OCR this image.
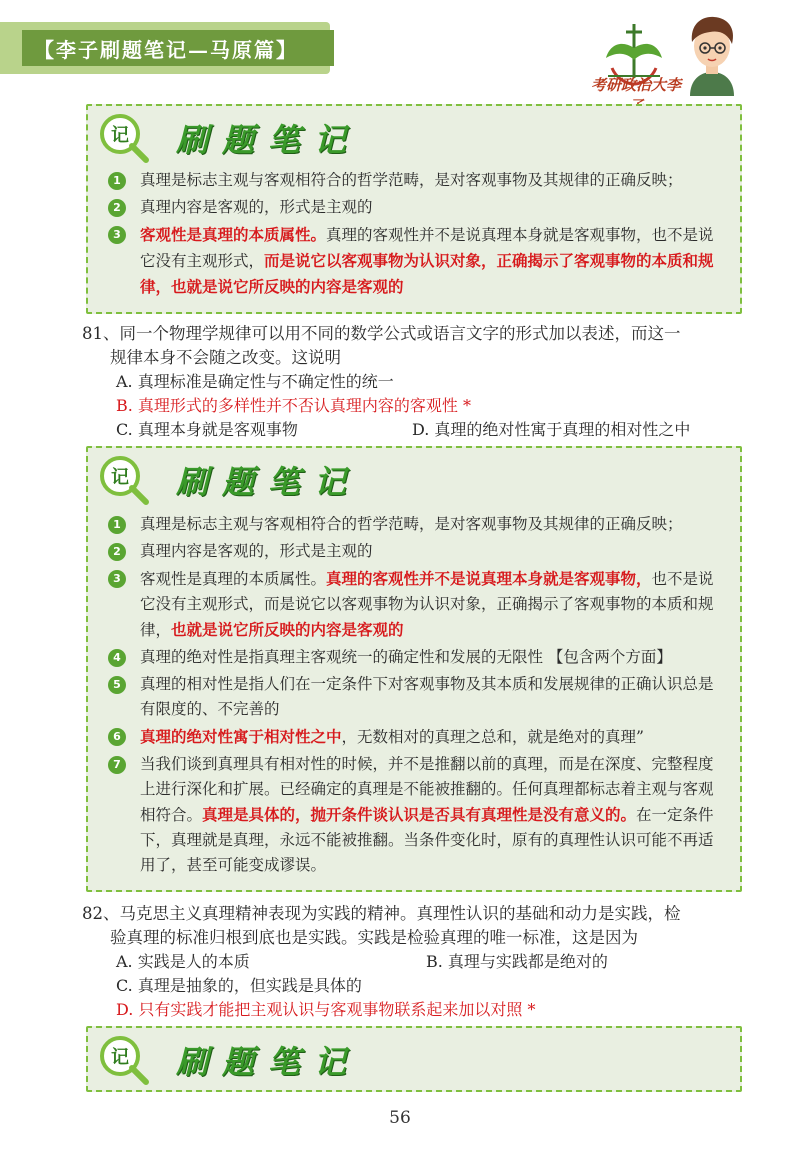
【李子刷题笔记—马原篇】
考研政治大李
记 刷题笔记
1	真理是标志主观与客观相符合的哲学范畴，是对客观事物及其规律的正确反映；
2	真理内容是客观的，形式是主观的
3	客观性是真理的本质属性。真理的客观性并不是说真理本身就是客观事物，也不是说它没有主观形式，而是说它以客观事物为认识对象，正确揭示了客观事物的本质和规律，也就是说它所反映的内容是客观的
81、同一个物理学规律可以用不同的数学公式或语言文字的形式加以表述，而这一
规律本身不会随之改变。这说明
A. 真理标准是确定性与不确定性的统一
B. 真理形式的多样性并不否认真理内容的客观性 *
C. 真理本身就是客观事物	D. 真理的绝对性寓于真理的相对性之中
记 刷题笔记
1	真理是标志主观与客观相符合的哲学范畴，是对客观事物及其规律的正确反映；
2	真理内容是客观的，形式是主观的
3	客观性是真理的本质属性。真理的客观性并不是说真理本身就是客观事物，也不是说它没有主观形式，而是说它以客观事物为认识对象，正确揭示了客观事物的本质和规律，也就是说它所反映的内容是客观的
4	真理的绝对性是指真理主客观统一的确定性和发展的无限性 【包含两个方面】
5	真理的相对性是指人们在一定条件下对客观事物及其本质和发展规律的正确认识总是有限度的、不完善的
6	真理的绝对性寓于相对性之中，无数相对的真理之总和，就是绝对的真理”
7	当我们谈到真理具有相对性的时候，并不是推翻以前的真理，而是在深度、完整程度上进行深化和扩展。已经确定的真理是不能被推翻的。任何真理都标志着主观与客观相符合。真理是具体的，抛开条件谈认识是否具有真理性是没有意义的。在一定条件下，真理就是真理，永远不能被推翻。当条件变化时，原有的真理性认识可能不再适用了，甚至可能变成谬误。
82、马克思主义真理精神表现为实践的精神。真理性认识的基础和动力是实践，检
验真理的标准归根到底也是实践。实践是检验真理的唯一标准，这是因为
A. 实践是人的本质	B. 真理与实践都是绝对的
C. 真理是抽象的，但实践是具体的
D. 只有实践才能把主观认识与客观事物联系起来加以对照 *
记 刷题笔记
56
